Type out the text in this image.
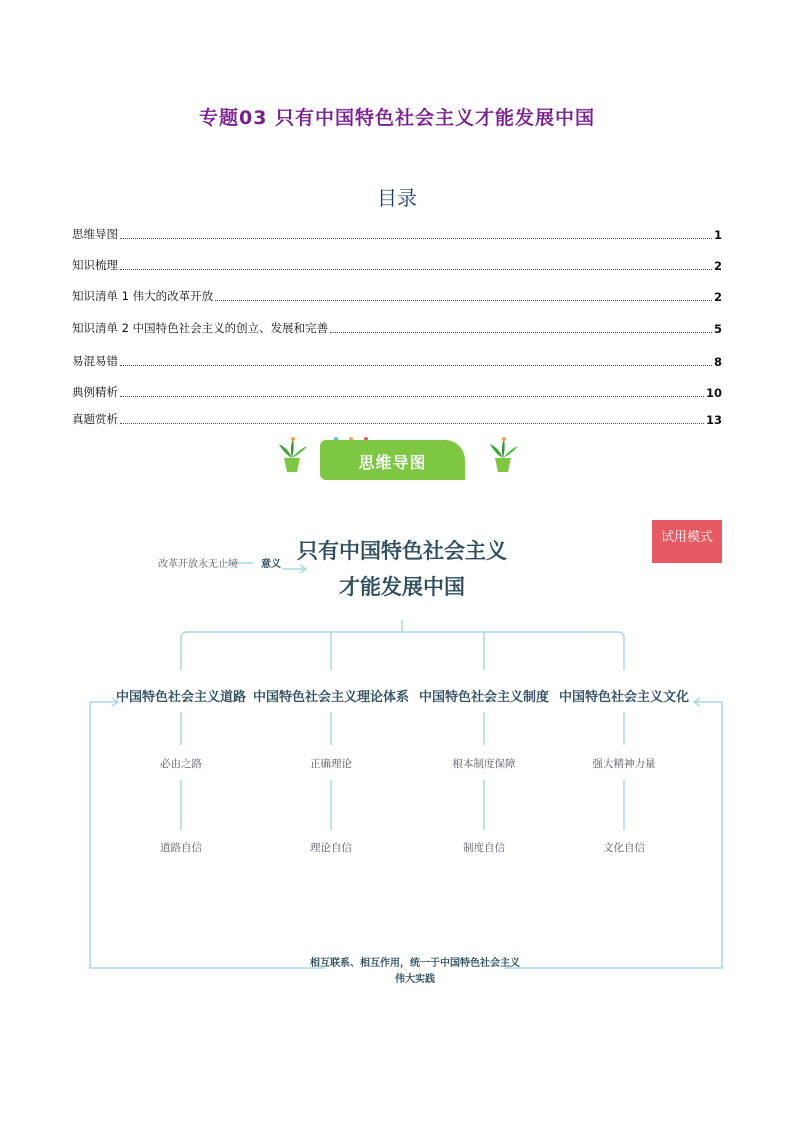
专题03 只有中国特色社会主义才能发展中国
目录
思维导图	1
知识梳理	2
知识清单 1 伟大的改革开放	2
知识清单 2 中国特色社会主义的创立、发展和完善	5
易混易错	8
典例精析	10
真题赏析	13
思维导图
试用模式
改革开放永无止境 意义
只有中国特色社会主义
才能发展中国
中国特色社会主义道路 中国特色社会主义理论体系 中国特色社会主义制度 中国特色社会主义文化
必由之路	正确理论	根本制度保障	强大精神力量
道路自信	理论自信	制度自信	文化自信
相互联系、相互作用，统一于中国特色社会主义
伟大实践
